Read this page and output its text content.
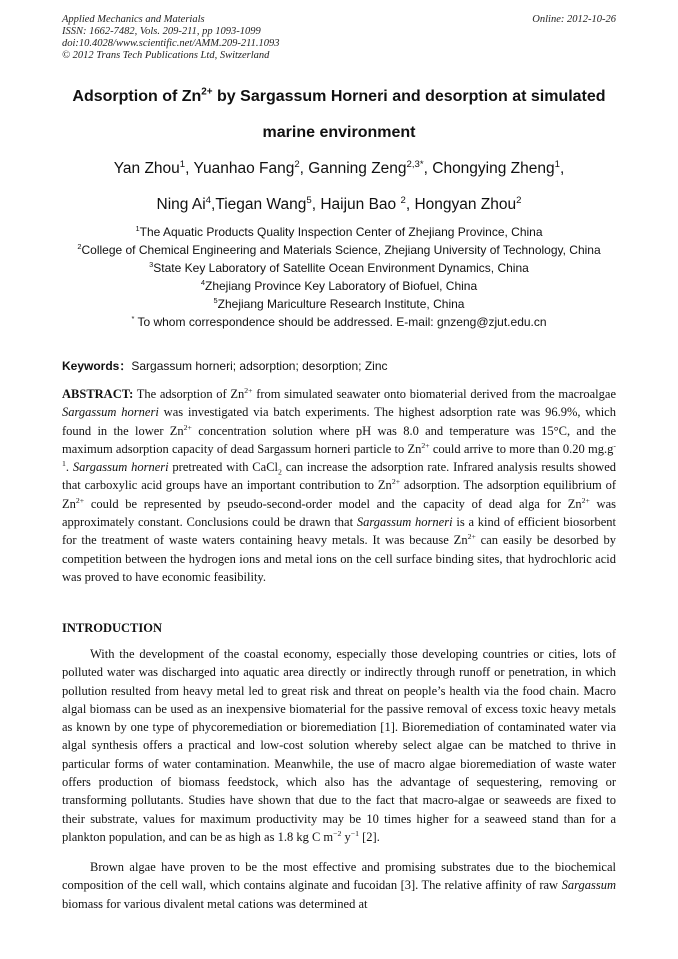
Applied Mechanics and Materials
ISSN: 1662-7482, Vols. 209-211, pp 1093-1099
doi:10.4028/www.scientific.net/AMM.209-211.1093
© 2012 Trans Tech Publications Ltd, Switzerland
Online: 2012-10-26
Adsorption of $Zn^{2+}$ by Sargassum Horneri and desorption at simulated
marine environment
Yan Zhou$^1$, Yuanhao Fang$^2$, Ganning Zeng$^{2,3*}$, Chongying Zheng$^1$,
Ning Ai$^4$,Tiegan Wang$^5$, Haijun Bao $^2$, Hongyan Zhou$^2$
$^1$The Aquatic Products Quality Inspection Center of Zhejiang Province, China
$^2$College of Chemical Engineering and Materials Science, Zhejiang University of Technology, China
$^3$State Key Laboratory of Satellite Ocean Environment Dynamics, China
$^4$Zhejiang Province Key Laboratory of Biofuel, China
$^5$Zhejiang Mariculture Research Institute, China
* To whom correspondence should be addressed. E-mail: gnzeng@zjut.edu.cn
Keywords：Sargassum horneri; adsorption; desorption; Zinc
ABSTRACT: The adsorption of $Zn^{2+}$ from simulated seawater onto biomaterial derived from the macroalgae Sargassum horneri was investigated via batch experiments. The highest adsorption rate was 96.9%, which found in the lower $Zn^{2+}$ concentration solution where pH was 8.0 and temperature was 15°C, and the maximum adsorption capacity of dead Sargassum horneri particle to $Zn^{2+}$ could arrive to more than 0.20 $mg.g^{-1}$. Sargassum horneri pretreated with CaCl$_2$ can increase the adsorption rate. Infrared analysis results showed that carboxylic acid groups have an important contribution to $Zn^{2+}$ adsorption. The adsorption equilibrium of $Zn^{2+}$ could be represented by pseudo-second-order model and the capacity of dead alga for $Zn^{2+}$ was approximately constant. Conclusions could be drawn that Sargassum horneri is a kind of efficient biosorbent for the treatment of waste waters containing heavy metals. It was because $Zn^{2+}$ can easily be desorbed by competition between the hydrogen ions and metal ions on the cell surface binding sites, that hydrochloric acid was proved to have economic feasibility.
INTRODUCTION
With the development of the coastal economy, especially those developing countries or cities, lots of polluted water was discharged into aquatic area directly or indirectly through runoff or penetration, in which pollution resulted from heavy metal led to great risk and threat on people’s health via the food chain. Macro algal biomass can be used as an inexpensive biomaterial for the passive removal of excess toxic heavy metals as known by one type of phycoremediation or bioremediation [1]. Bioremediation of contaminated water via algal synthesis offers a practical and low-cost solution whereby select algae can be matched to thrive in particular forms of water contamination. Meanwhile, the use of macro algae bioremediation of waste water offers production of biomass feedstock, which also has the advantage of sequestering, removing or transforming pollutants. Studies have shown that due to the fact that macro-algae or seaweeds are fixed to their substrate, values for maximum productivity may be 10 times higher for a seaweed stand than for a plankton population, and can be as high as 1.8 kg C $m^{-2}$ $y^{-1}$ [2].
Brown algae have proven to be the most effective and promising substrates due to the biochemical composition of the cell wall, which contains alginate and fucoidan [3]. The relative affinity of raw Sargassum biomass for various divalent metal cations was determined at
